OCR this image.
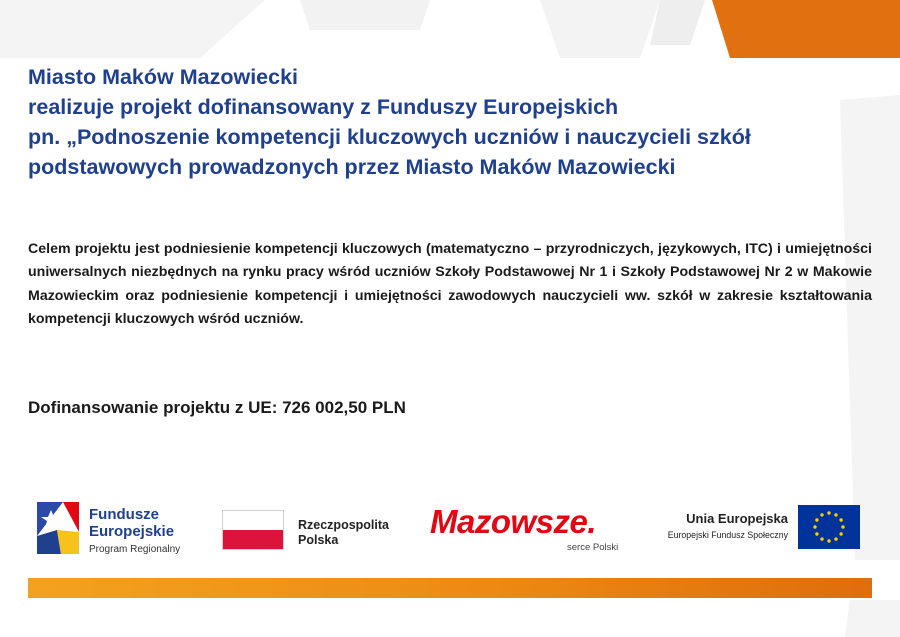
Miasto Maków Mazowiecki
realizuje projekt dofinansowany z Funduszy Europejskich
pn. „Podnoszenie kompetencji kluczowych uczniów i nauczycieli szkół
podstawowych prowadzonych przez Miasto Maków Mazowiecki
Celem projektu jest podniesienie kompetencji kluczowych (matematyczno – przyrodniczych, językowych, ITC) i umiejętności uniwersalnych niezbędnych na rynku pracy wśród uczniów Szkoły Podstawowej Nr 1 i Szkoły Podstawowej Nr 2 w Makowie Mazowieckim oraz podniesienie kompetencji i umiejętności zawodowych nauczycieli ww. szkół w zakresie kształtowania kompetencji kluczowych wśród uczniów.
Dofinansowanie projektu z UE: 726 002,50 PLN
Fundusze
Europejskie
Program Regionalny
Rzeczpospolita
Polska	Mazowsze.
serce Polski
Unia Europejska
Europejski Fundusz Społeczny
